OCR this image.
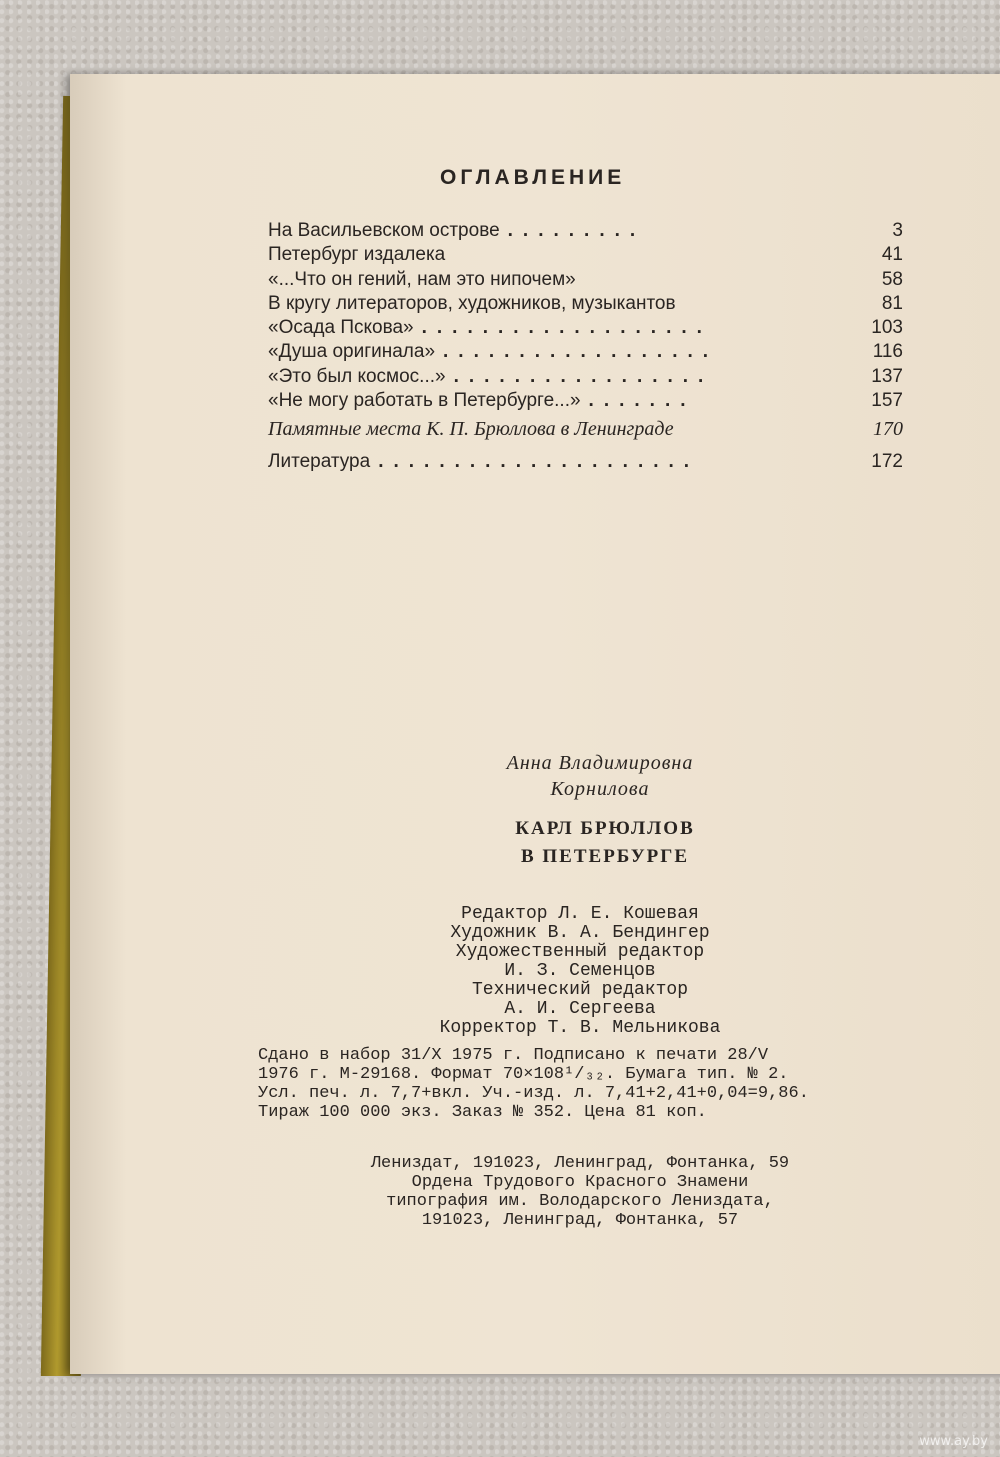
ОГЛАВЛЕНИЕ
На Васильевском острове .........	3
Петербург издалека	41
«...Что он гений, нам это нипочем»	58
В кругу литераторов, художников, музыкантов	81
«Осада Пскова» ...................	103
«Душа оригинала» ..................	116
«Это был космос...» .................	137
«Не могу работать в Петербурге...» .......	157
Памятные места К. П. Брюллова в Ленинграде	170
Литература .....................	172
Анна Владимировна
Корнилова
КАРЛ БРЮЛЛОВ
В ПЕТЕРБУРГЕ
Редактор Л. Е. Кошевая
Художник В. А. Бендингер
Художественный редактор
И. З. Семенцов
Технический редактор
А. И. Сергеева
Корректор Т. В. Мельникова
Сдано в набор 31/X 1975 г. Подписано к печати 28/V
1976 г. М-29168. Формат 70×108¹/₃₂. Бумага тип. № 2.
Усл. печ. л. 7,7+вкл. Уч.-изд. л. 7,41+2,41+0,04=9,86.
Тираж 100 000 экз. Заказ № 352. Цена 81 коп.
Лениздат, 191023, Ленинград, Фонтанка, 59
Ордена Трудового Красного Знамени
типография им. Володарского Лениздата,
191023, Ленинград, Фонтанка, 57
www.ay.by
